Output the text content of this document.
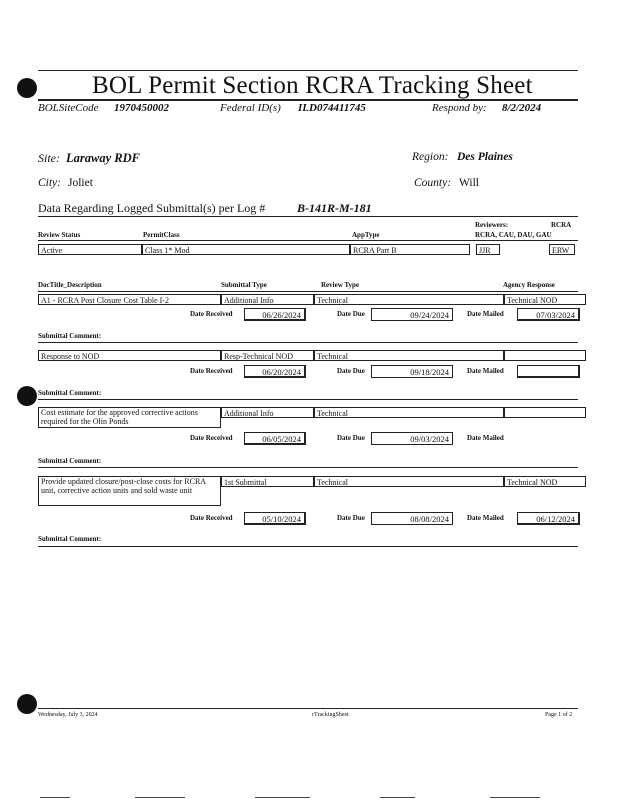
BOL Permit Section RCRA Tracking Sheet
BOLSiteCode 1970450002	Federal ID(s) ILD074411745	Respond by: 8/2/2024
Site: Laraway RDF	Region: Des Plaines
City: Joliet	County: Will
Data Regarding Logged Submittal(s) per Log #	B-141R-M-181
Review Status	PermitClass	AppType
Reviewers:	RCRA
RCRA, CAU, DAU, GAU
Active	Class 1* Mod	RCRA Part B	JJR	ERW
DocTitle_Description	Submittal Type	Review Type	Agency Response
A1 - RCRA Post Closure Cost Table I-2	Additional Info	Technical	Technical NOD
Date Received	06/26/2024	Date Due	09/24/2024	Date Mailed	07/03/2024
Submittal Comment:
Response to NOD	Resp-Technical NOD	Technical
Date Received	06/20/2024	Date Due	09/18/2024	Date Mailed
Submittal Comment:
Cost estimate for the approved corrective actions required for the Olin Ponds
Additional Info	Technical
Date Received	06/05/2024	Date Due	09/03/2024	Date Mailed
Submittal Comment:
Provide updated closure/post-close costs for RCRA unit, corrective action units and sold waste unit
1st Submittal	Technical	Technical NOD
Date Received	05/10/2024	Date Due	08/08/2024	Date Mailed	06/12/2024
Submittal Comment:
Wednesday, July 3, 2024	rTrackingSheet	Page 1 of 2
